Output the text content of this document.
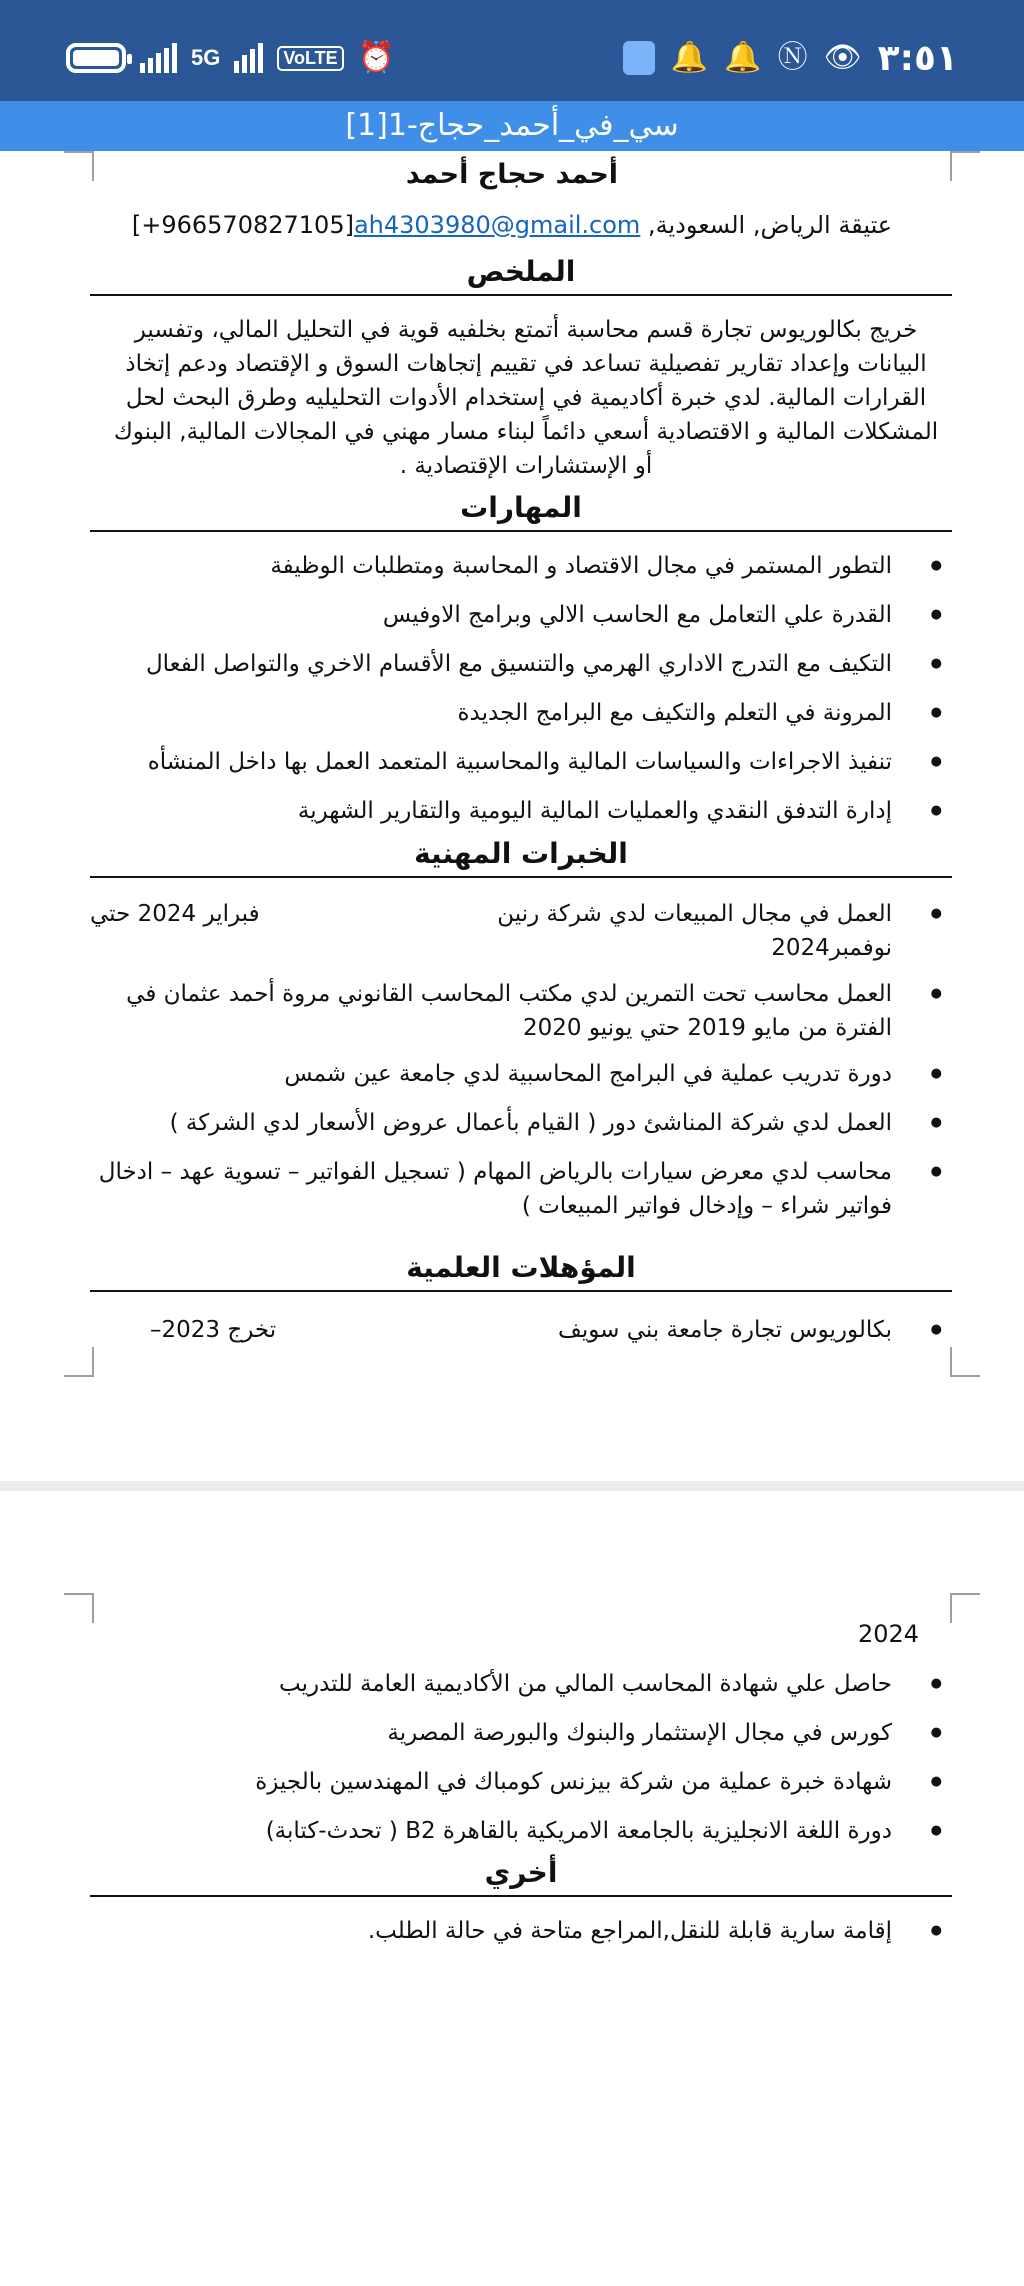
5G	VoLTE ⏰	🔔 🔔 Ⓝ 👁 ٣:٥١
سي_في_أحمد_حجاج-1[1]
أحمد حجاج أحمد
[+966570827105]ah4303980@gmail.com ,عتيقة الرياض, السعودية
الملخص
خريج بكالوريوس تجارة قسم محاسبة أتمتع بخلفيه قوية في التحليل المالي، وتفسير
البيانات وإعداد تقارير تفصيلية تساعد في تقييم إتجاهات السوق و الإقتصاد ودعم إتخاذ
القرارات المالية. لدي خبرة أكاديمية في إستخدام الأدوات التحليليه وطرق البحث لحل
المشكلات المالية و الاقتصادية أسعي دائماً لبناء مسار مهني في المجالات المالية, البنوك
أو الإستشارات الإقتصادية .
المهارات
● التطور المستمر في مجال الاقتصاد و المحاسبة ومتطلبات الوظيفة
● القدرة علي التعامل مع الحاسب الالي وبرامج الاوفيس
● التكيف مع التدرج الاداري الهرمي والتنسيق مع الأقسام الاخري والتواصل الفعال
● المرونة في التعلم والتكيف مع البرامج الجديدة
● تنفيذ الاجراءات والسياسات المالية والمحاسبية المتعمد العمل بها داخل المنشأه
● إدارة التدفق النقدي والعمليات المالية اليومية والتقارير الشهرية
الخبرات المهنية
● العمل في مجال المبيعات لدي شركة رنين
فبراير 2024 حتي
نوفمبر2024
● العمل محاسب تحت التمرين لدي مكتب المحاسب القانوني مروة أحمد عثمان في
الفترة من مايو 2019 حتي يونيو 2020
● دورة تدريب عملية في البرامج المحاسبية لدي جامعة عين شمس
● العمل لدي شركة المناشئ دور ( القيام بأعمال عروض الأسعار لدي الشركة )
● محاسب لدي معرض سيارات بالرياض المهام ( تسجيل الفواتير – تسوية عهد – ادخال
فواتير شراء – وإدخال فواتير المبيعات )
المؤهلات العلمية
● بكالوريوس تجارة جامعة بني سويف
تخرج 2023–
2024
● حاصل علي شهادة المحاسب المالي من الأكاديمية العامة للتدريب
● كورس في مجال الإستثمار والبنوك والبورصة المصرية
● شهادة خبرة عملية من شركة بيزنس كومباك في المهندسين بالجيزة
● دورة اللغة الانجليزية بالجامعة الامريكية بالقاهرة B2 ( تحدث-كتابة)
أخري
● إقامة سارية قابلة للنقل,المراجع متاحة في حالة الطلب.
